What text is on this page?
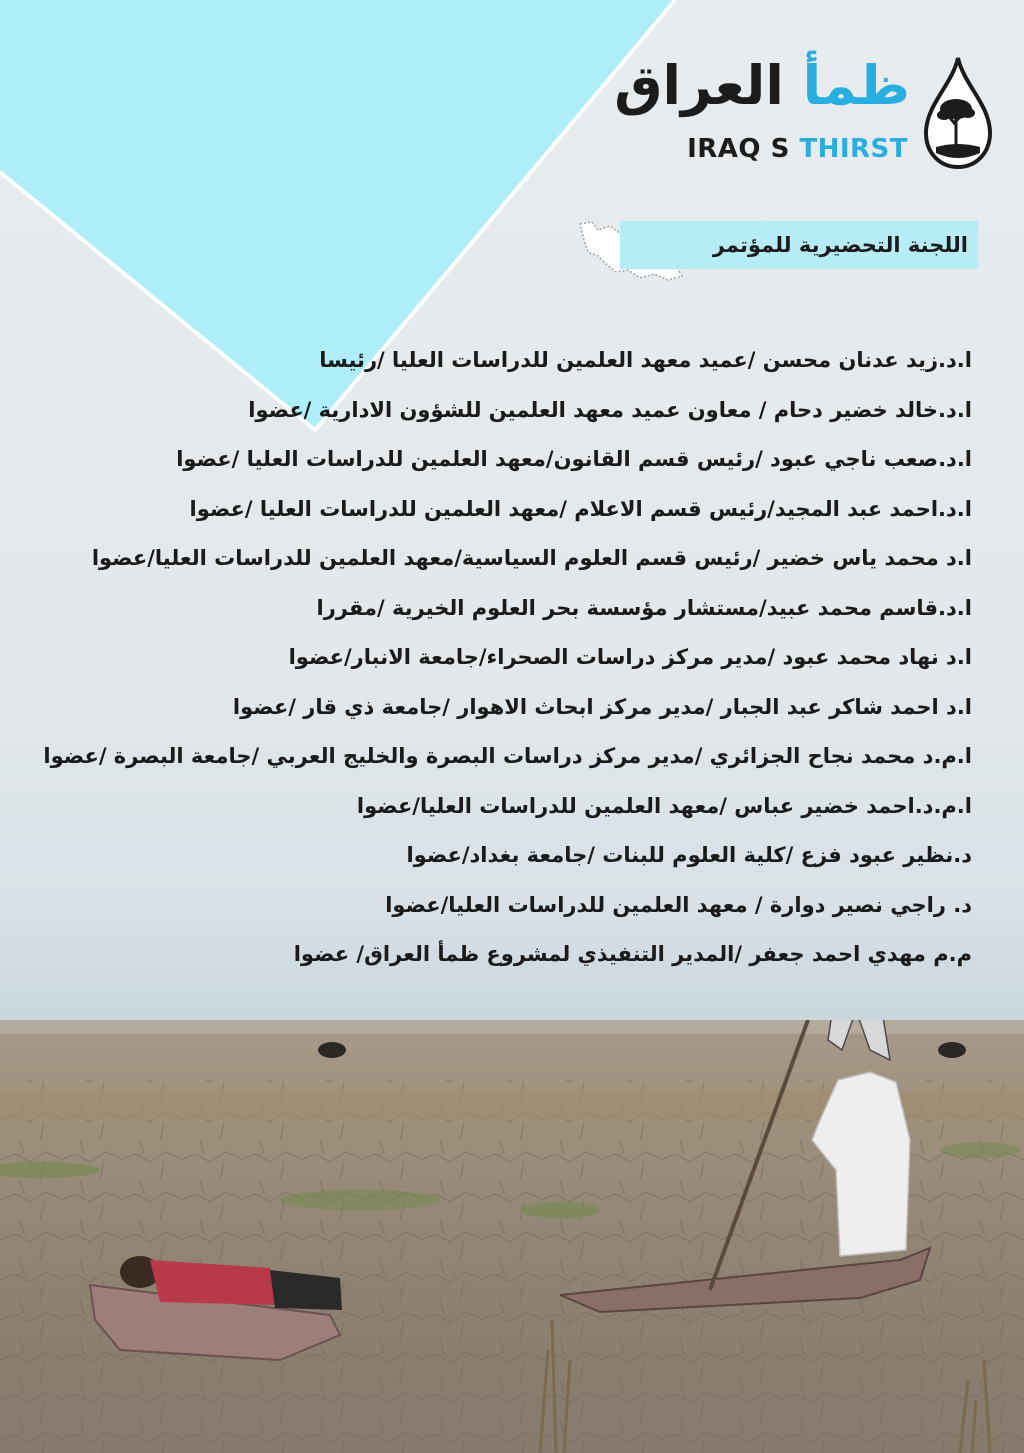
ظمأ العراق
IRAQ S THIRST
اللجنة التحضيرية للمؤتمر
ا.د.زيد عدنان محسن /عميد معهد العلمين للدراسات العليا /رئيسا
ا.د.خالد خضير دحام / معاون عميد معهد العلمين للشؤون الادارية /عضوا
ا.د.صعب ناجي عبود /رئيس قسم القانون/معهد العلمين للدراسات العليا /عضوا
ا.د.احمد عبد المجيد/رئيس قسم الاعلام /معهد العلمين للدراسات العليا /عضوا
ا.د محمد ياس خضير /رئيس قسم العلوم السياسية/معهد العلمين للدراسات العليا/عضوا
ا.د.قاسم محمد عبيد/مستشار مؤسسة بحر العلوم الخيرية /مقررا
ا.د نهاد محمد عبود /مدير مركز دراسات الصحراء/جامعة الانبار/عضوا
ا.د احمد شاكر عبد الجبار /مدير مركز ابحاث الاهوار /جامعة ذي قار /عضوا
ا.م.د محمد نجاح الجزائري /مدير مركز دراسات البصرة والخليج العربي /جامعة البصرة /عضوا
ا.م.د.احمد خضير عباس /معهد العلمين للدراسات العليا/عضوا
د.نظير عبود فزع /كلية العلوم للبنات /جامعة بغداد/عضوا
د. راجي نصير دوارة / معهد العلمين للدراسات العليا/عضوا
م.م مهدي احمد جعفر /المدير التنفيذي لمشروع ظمأ العراق/ عضوا
